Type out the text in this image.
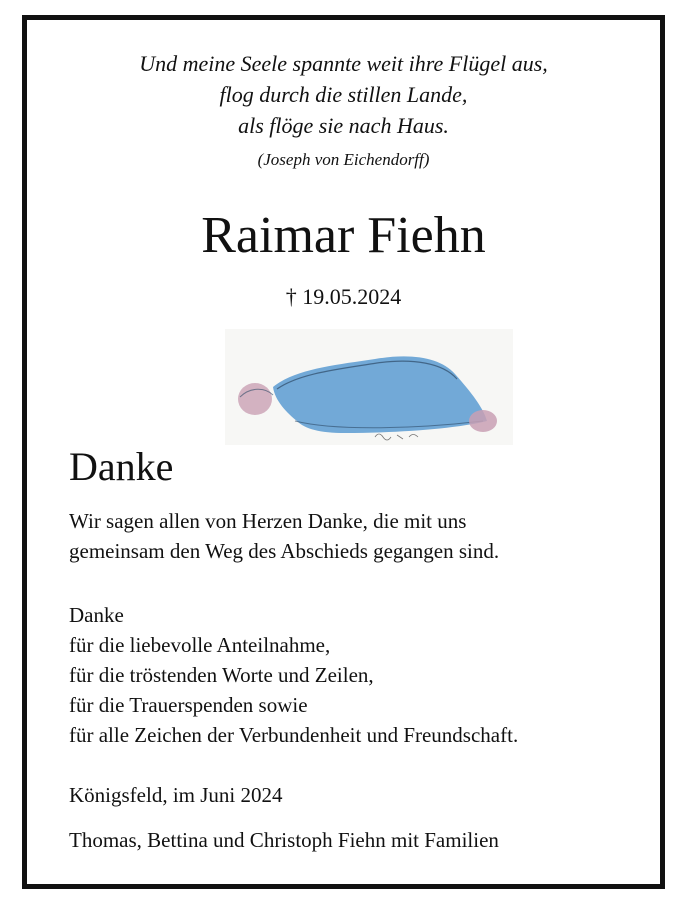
Und meine Seele spannte weit ihre Flügel aus,
flog durch die stillen Lande,
als flöge sie nach Haus.
(Joseph von Eichendorff)
Raimar Fiehn
† 19.05.2024
Danke
Wir sagen allen von Herzen Danke, die mit uns
gemeinsam den Weg des Abschieds gegangen sind.
Danke
für die liebevolle Anteilnahme,
für die tröstenden Worte und Zeilen,
für die Trauerspenden sowie
für alle Zeichen der Verbundenheit und Freundschaft.
Königsfeld, im Juni 2024
Thomas, Bettina und Christoph Fiehn mit Familien
